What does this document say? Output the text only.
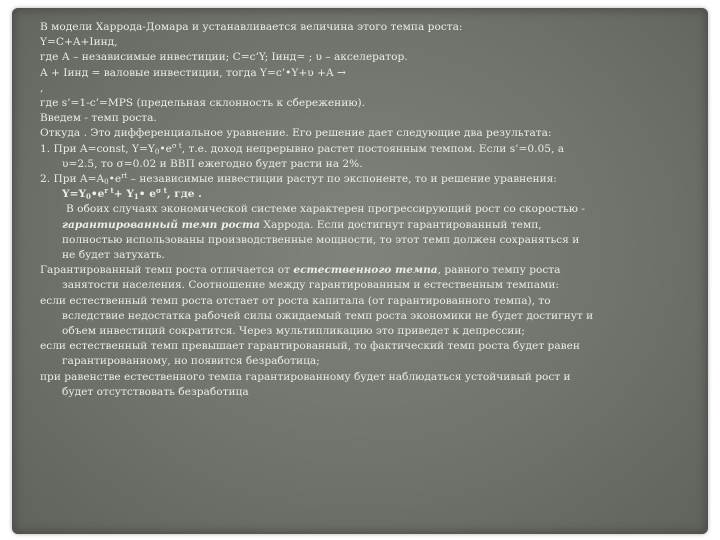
В модели Харрода-Домара и устанавливается величина этого темпа роста:
Y=C+A+Iинд,
где А – независимые инвестиции; C=c’Y; Iинд= ; υ – акселератор.
A + Iинд = валовые инвестиции, тогда Y=c’•Y+υ +A →
,
где s’=1-c’=MPS (предельная склонность к сбережению).
Введем - темп роста.
Откуда . Это дифференциальное уравнение. Его решение дает следующие два результата:
1. При A=const, $Y=Y_0•e^{\sigma t}$, т.е. доход непрерывно растет постоянным темпом. Если s’=0.05, а
υ=2.5, то σ=0.02 и ВВП ежегодно будет расти на 2%.
2. При $A=A_0•e^{rt}$ – независимые инвестиции растут по экспоненте, то и решение уравнения:
$Y=Y_0•e^{r t}+$ $Y_1•$ $e^{\sigma t}$, где .
В обоих случаях экономической системе характерен прогрессирующий рост со скоростью -
гарантированный темп роста Харрода. Если достигнут гарантированный темп,
полностью использованы производственные мощности, то этот темп должен сохраняться и
не будет затухать.
Гарантированный темп роста отличается от естественного темпа, равного темпу роста
занятости населения. Соотношение между гарантированным и естественным темпами:
если естественный темп роста отстает от роста капитала (от гарантированного темпа), то
вследствие недостатка рабочей силы ожидаемый темп роста экономики не будет достигнут и
объем инвестиций сократится. Через мультипликацию это приведет к депрессии;
если естественный темп превышает гарантированный, то фактический темп роста будет равен
гарантированному, но появится безработица;
при равенстве естественного темпа гарантированному будет наблюдаться устойчивый рост и
будет отсутствовать безработица
